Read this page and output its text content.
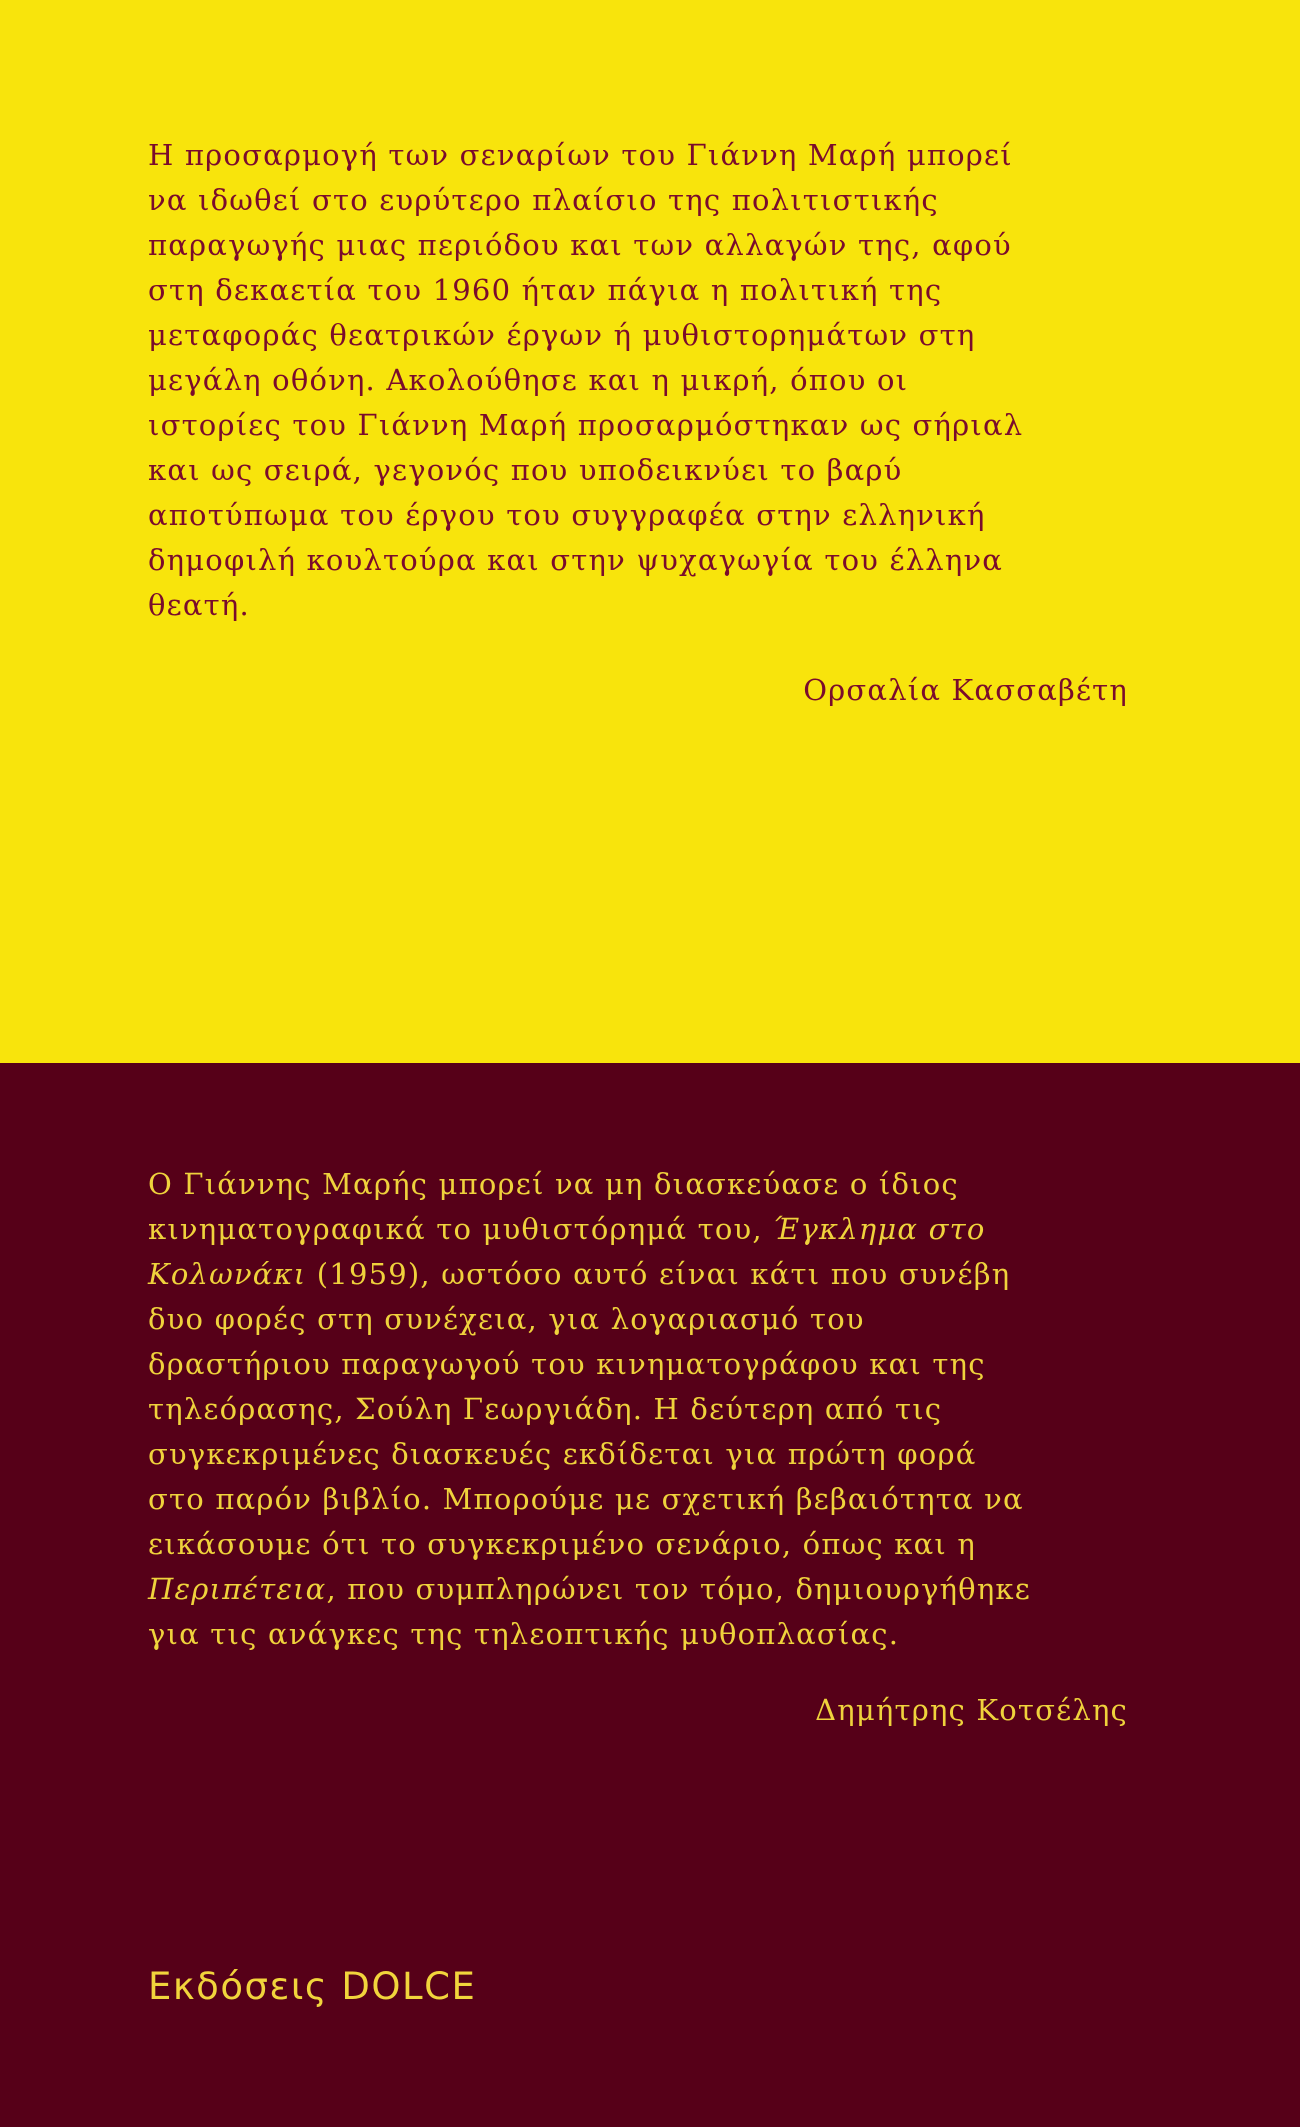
Η προσαρμογή των σεναρίων του Γιάννη Μαρή μπορεί
να ιδωθεί στο ευρύτερο πλαίσιο της πολιτιστικής
παραγωγής μιας περιόδου και των αλλαγών της, αφού
στη δεκαετία του 1960 ήταν πάγια η πολιτική της
μεταφοράς θεατρικών έργων ή μυθιστορημάτων στη
μεγάλη οθόνη. Ακολούθησε και η μικρή, όπου οι
ιστορίες του Γιάννη Μαρή προσαρμόστηκαν ως σήριαλ
και ως σειρά, γεγονός που υποδεικνύει το βαρύ
αποτύπωμα του έργου του συγγραφέα στην ελληνική
δημοφιλή κουλτούρα και στην ψυχαγωγία του έλληνα
θεατή.
Ορσαλία Κασσαβέτη
Ο Γιάννης Μαρής μπορεί να μη διασκεύασε ο ίδιος
κινηματογραφικά το μυθιστόρημά του, Έγκλημα στο
Κολωνάκι (1959), ωστόσο αυτό είναι κάτι που συνέβη
δυο φορές στη συνέχεια, για λογαριασμό του
δραστήριου παραγωγού του κινηματογράφου και της
τηλεόρασης, Σούλη Γεωργιάδη. Η δεύτερη από τις
συγκεκριμένες διασκευές εκδίδεται για πρώτη φορά
στο παρόν βιβλίο. Μπορούμε με σχετική βεβαιότητα να
εικάσουμε ότι το συγκεκριμένο σενάριο, όπως και η
Περιπέτεια, που συμπληρώνει τον τόμο, δημιουργήθηκε
για τις ανάγκες της τηλεοπτικής μυθοπλασίας.
Δημήτρης Κοτσέλης
Εκδόσεις DOLCE
